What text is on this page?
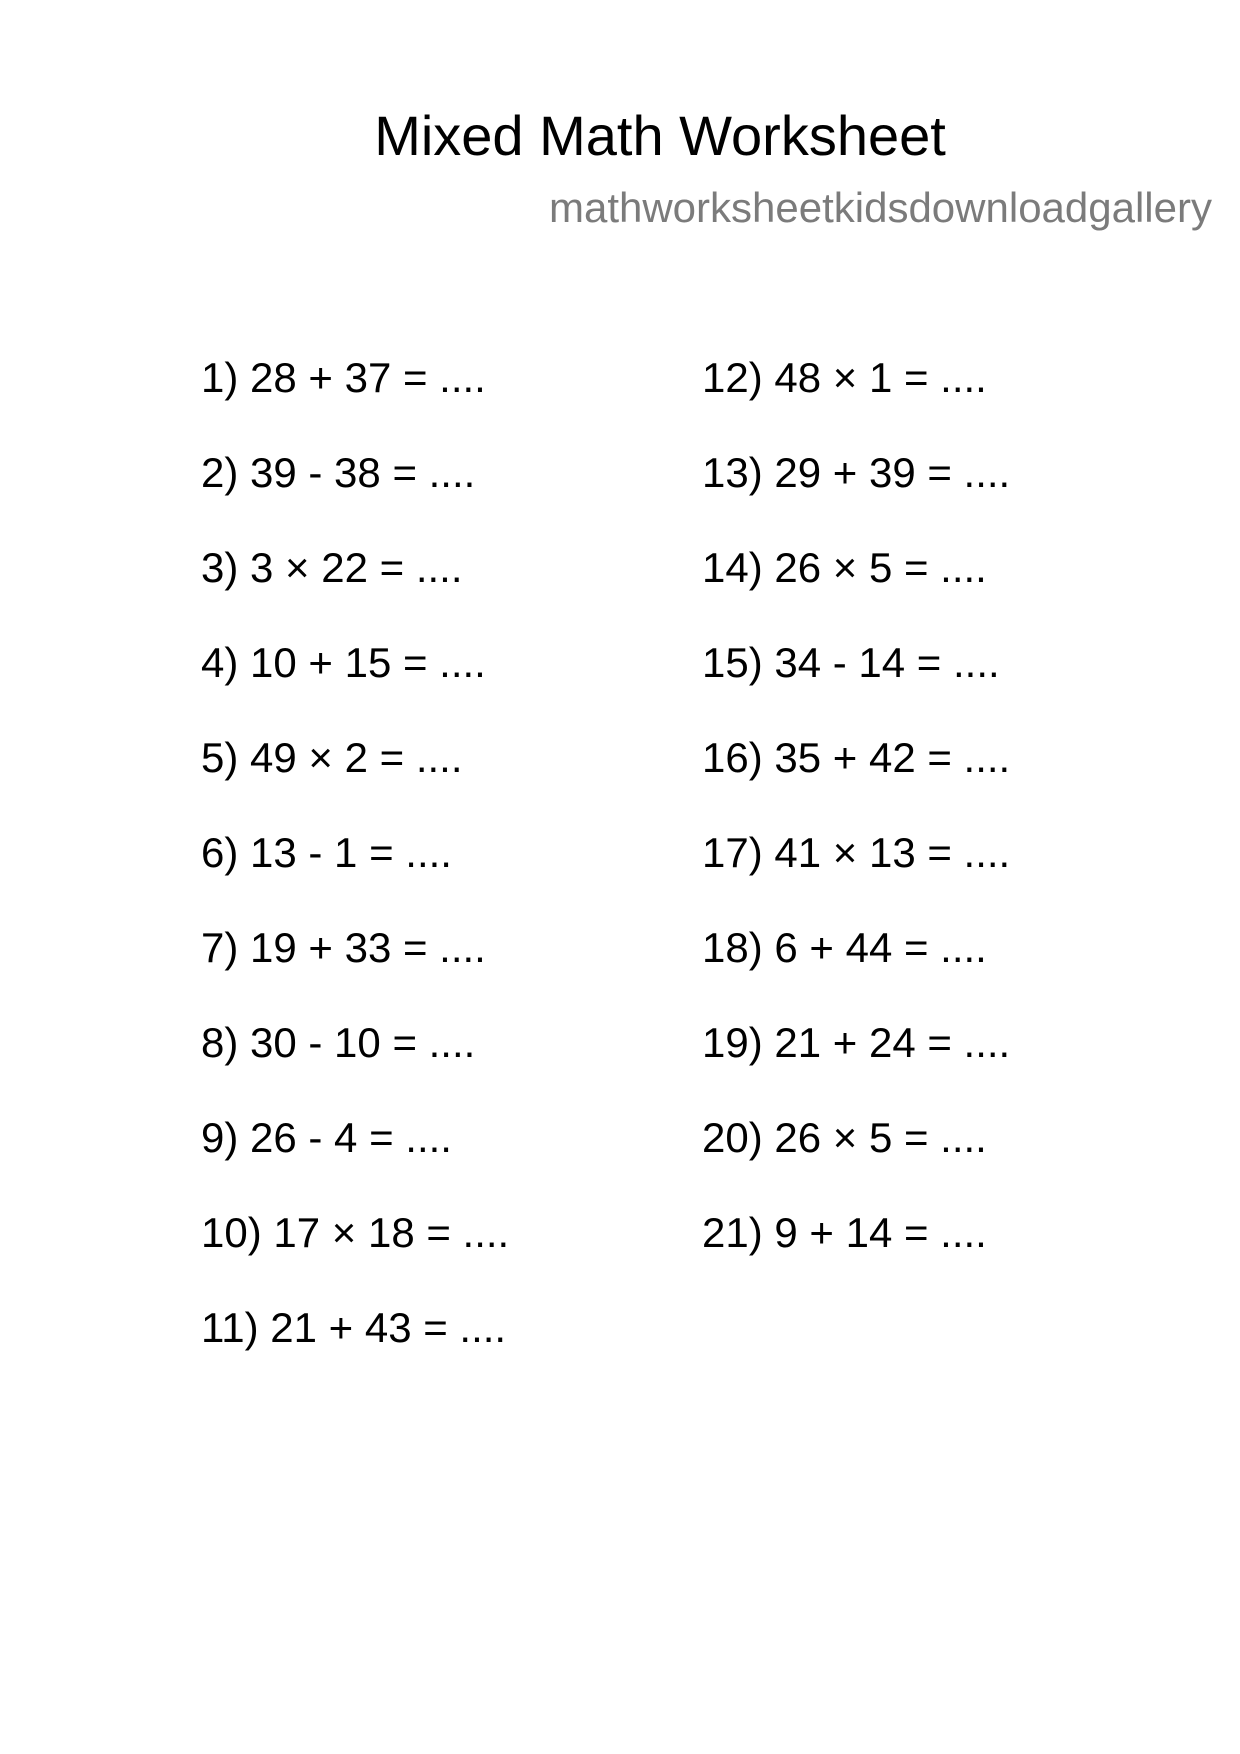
Mixed Math Worksheet
mathworksheetkidsdownloadgallery
1) 28 + 37 = ....
2) 39 - 38 = ....
3) 3 × 22 = ....
4) 10 + 15 = ....
5) 49 × 2 = ....
6) 13 - 1 = ....
7) 19 + 33 = ....
8) 30 - 10 = ....
9) 26 - 4 = ....
10) 17 × 18 = ....
11) 21 + 43 = ....
12) 48 × 1 = ....
13) 29 + 39 = ....
14) 26 × 5 = ....
15) 34 - 14 = ....
16) 35 + 42 = ....
17) 41 × 13 = ....
18) 6 + 44 = ....
19) 21 + 24 = ....
20) 26 × 5 = ....
21) 9 + 14 = ....
